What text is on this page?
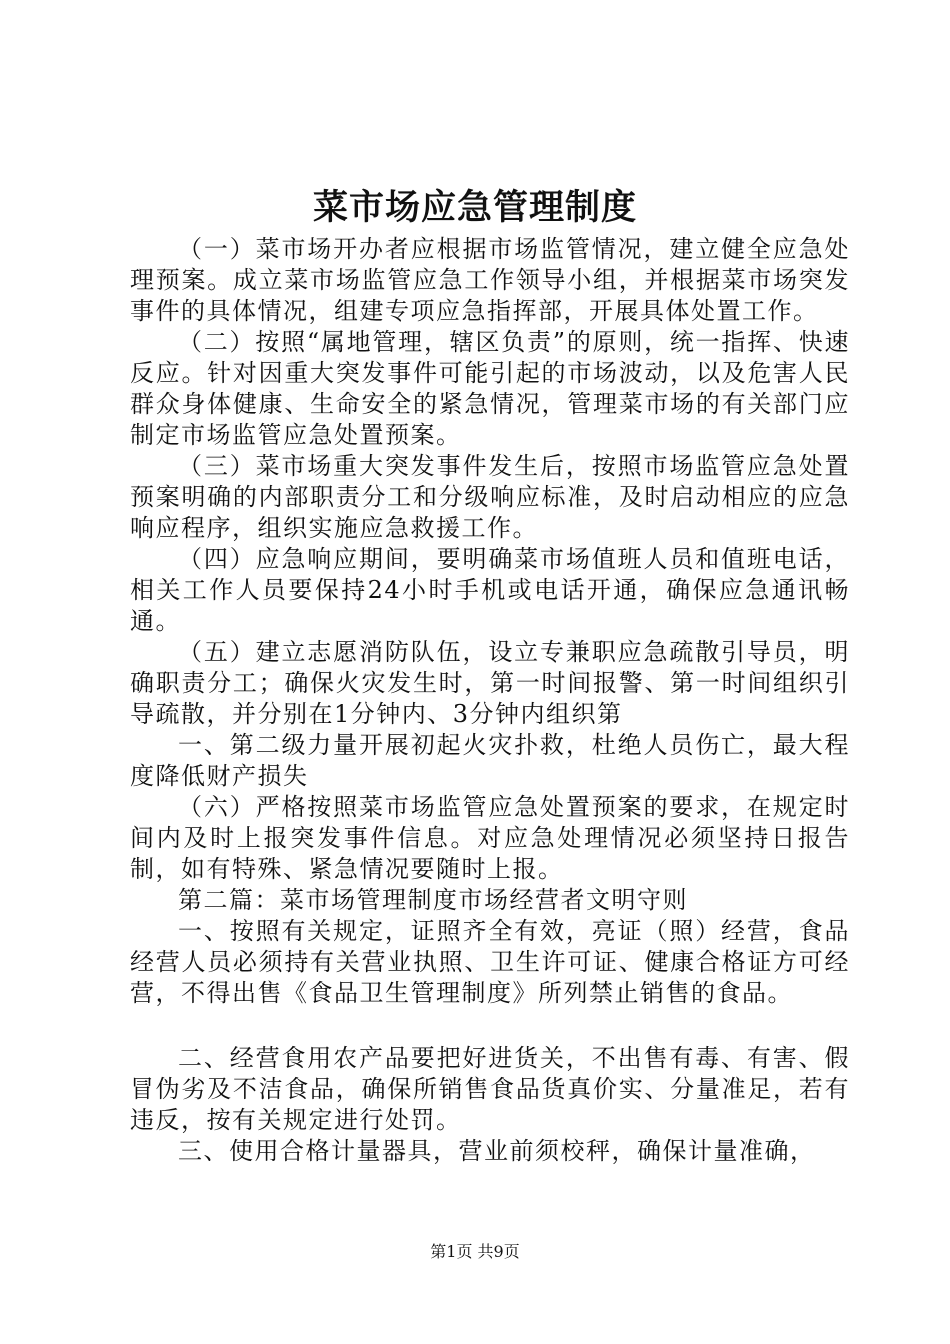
菜市场应急管理制度

（一）菜市场开办者应根据市场监管情况，建立健全应急处理预案。成立菜市场监管应急工作领导小组，并根据菜市场突发事件的具体情况，组建专项应急指挥部，开展具体处置工作。

（二）按照“属地管理，辖区负责”的原则，统一指挥、快速反应。针对因重大突发事件可能引起的市场波动，以及危害人民群众身体健康、生命安全的紧急情况，管理菜市场的有关部门应制定市场监管应急处置预案。

（三）菜市场重大突发事件发生后，按照市场监管应急处置预案明确的内部职责分工和分级响应标准，及时启动相应的应急响应程序，组织实施应急救援工作。

（四）应急响应期间，要明确菜市场值班人员和值班电话，相关工作人员要保持24小时手机或电话开通，确保应急通讯畅通。

（五）建立志愿消防队伍，设立专兼职应急疏散引导员，明确职责分工；确保火灾发生时，第一时间报警、第一时间组织引导疏散，并分别在1分钟内、3分钟内组织第

一、第二级力量开展初起火灾扑救，杜绝人员伤亡，最大程度降低财产损失

（六）严格按照菜市场监管应急处置预案的要求，在规定时间内及时上报突发事件信息。对应急处理情况必须坚持日报告制，如有特殊、紧急情况要随时上报。

第二篇：菜市场管理制度市场经营者文明守则

一、按照有关规定，证照齐全有效，亮证（照）经营，食品经营人员必须持有关营业执照、卫生许可证、健康合格证方可经营，不得出售《食品卫生管理制度》所列禁止销售的食品。

二、经营食用农产品要把好进货关，不出售有毒、有害、假冒伪劣及不洁食品，确保所销售食品货真价实、分量准足，若有违反，按有关规定进行处罚。

三、使用合格计量器具，营业前须校秤，确保计量准确，

第1页 共9页
